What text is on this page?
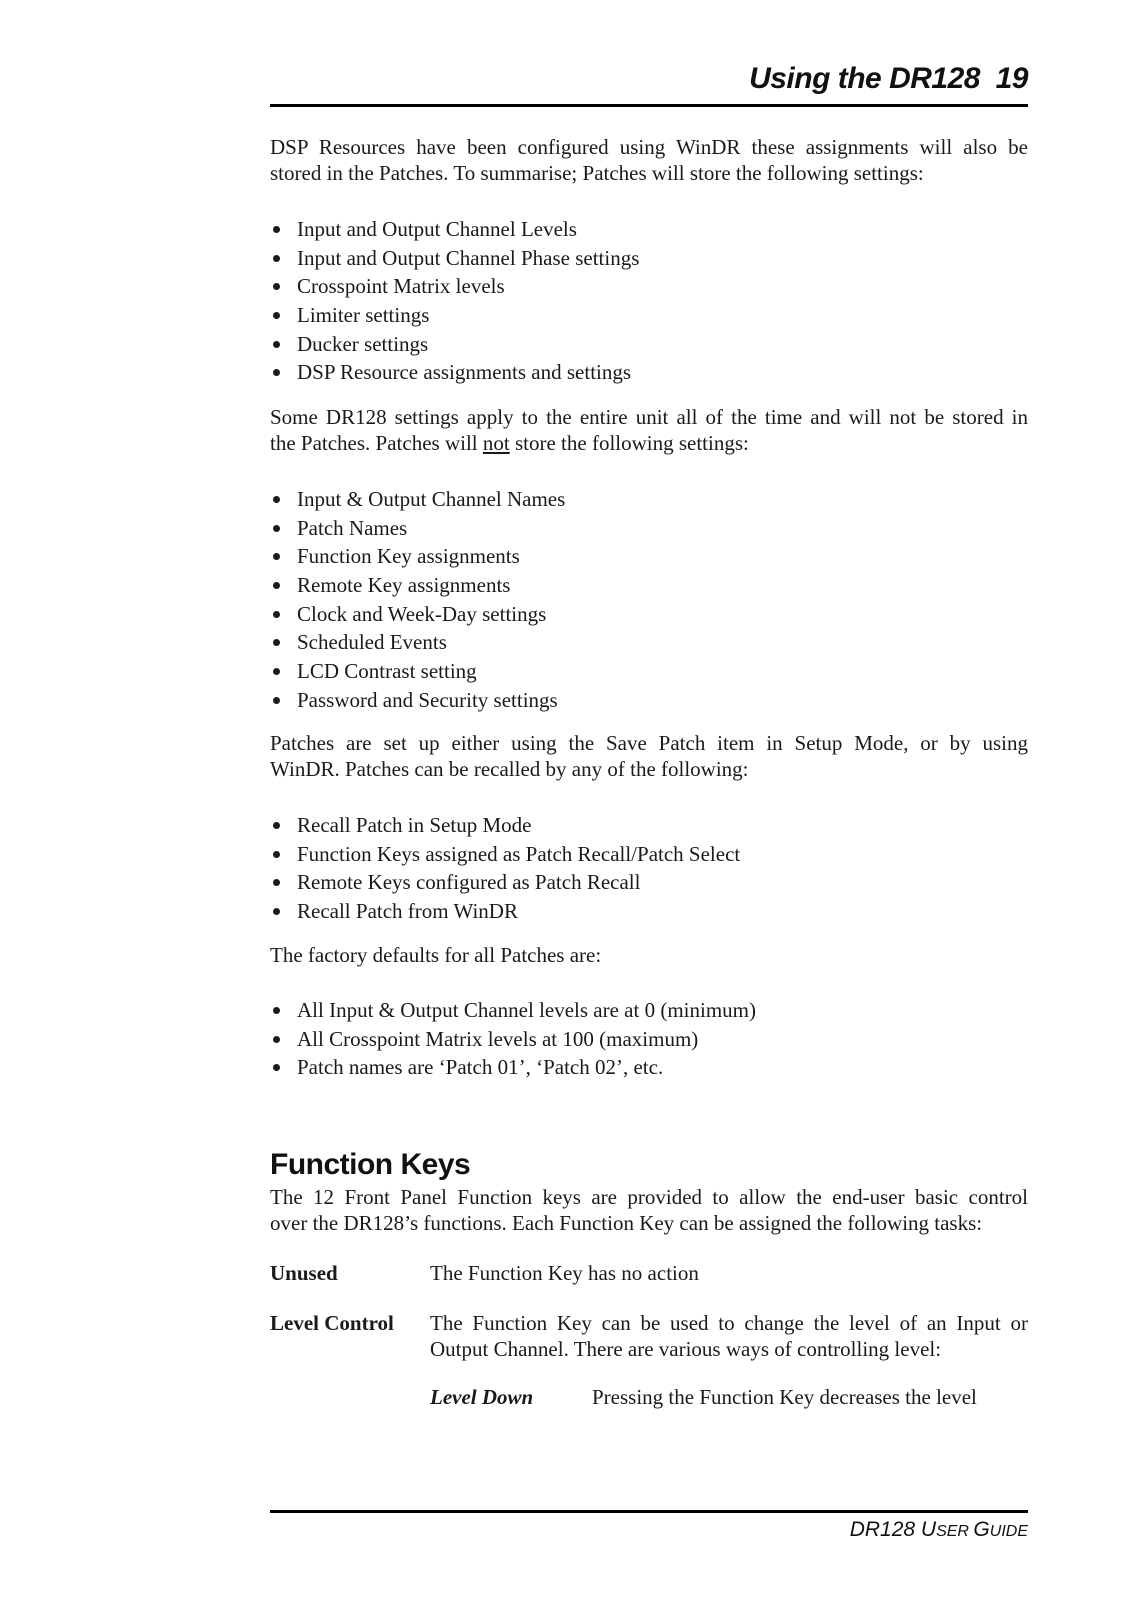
Using the DR128  19
DSP Resources have been configured using WinDR these assignments will also be
stored in the Patches. To summarise; Patches will store the following settings:
Input and Output Channel Levels
Input and Output Channel Phase settings
Crosspoint Matrix levels
Limiter settings
Ducker settings
DSP Resource assignments and settings
Some DR128 settings apply to the entire unit all of the time and will not be stored in
the Patches. Patches will not store the following settings:
Input & Output Channel Names
Patch Names
Function Key assignments
Remote Key assignments
Clock and Week-Day settings
Scheduled Events
LCD Contrast setting
Password and Security settings
Patches are set up either using the Save Patch item in Setup Mode, or by using
WinDR. Patches can be recalled by any of the following:
Recall Patch in Setup Mode
Function Keys assigned as Patch Recall/Patch Select
Remote Keys configured as Patch Recall
Recall Patch from WinDR
The factory defaults for all Patches are:
All Input & Output Channel levels are at 0 (minimum)
All Crosspoint Matrix levels at 100 (maximum)
Patch names are ‘Patch 01’, ‘Patch 02’, etc.
Function Keys
The 12 Front Panel Function keys are provided to allow the end-user basic control
over the DR128’s functions. Each Function Key can be assigned the following tasks:
Unused	The Function Key has no action
Level Control The Function Key can be used to change the level of an Input or
Output Channel. There are various ways of controlling level:
Level Down	Pressing the Function Key decreases the level
DR128 USER GUIDE
